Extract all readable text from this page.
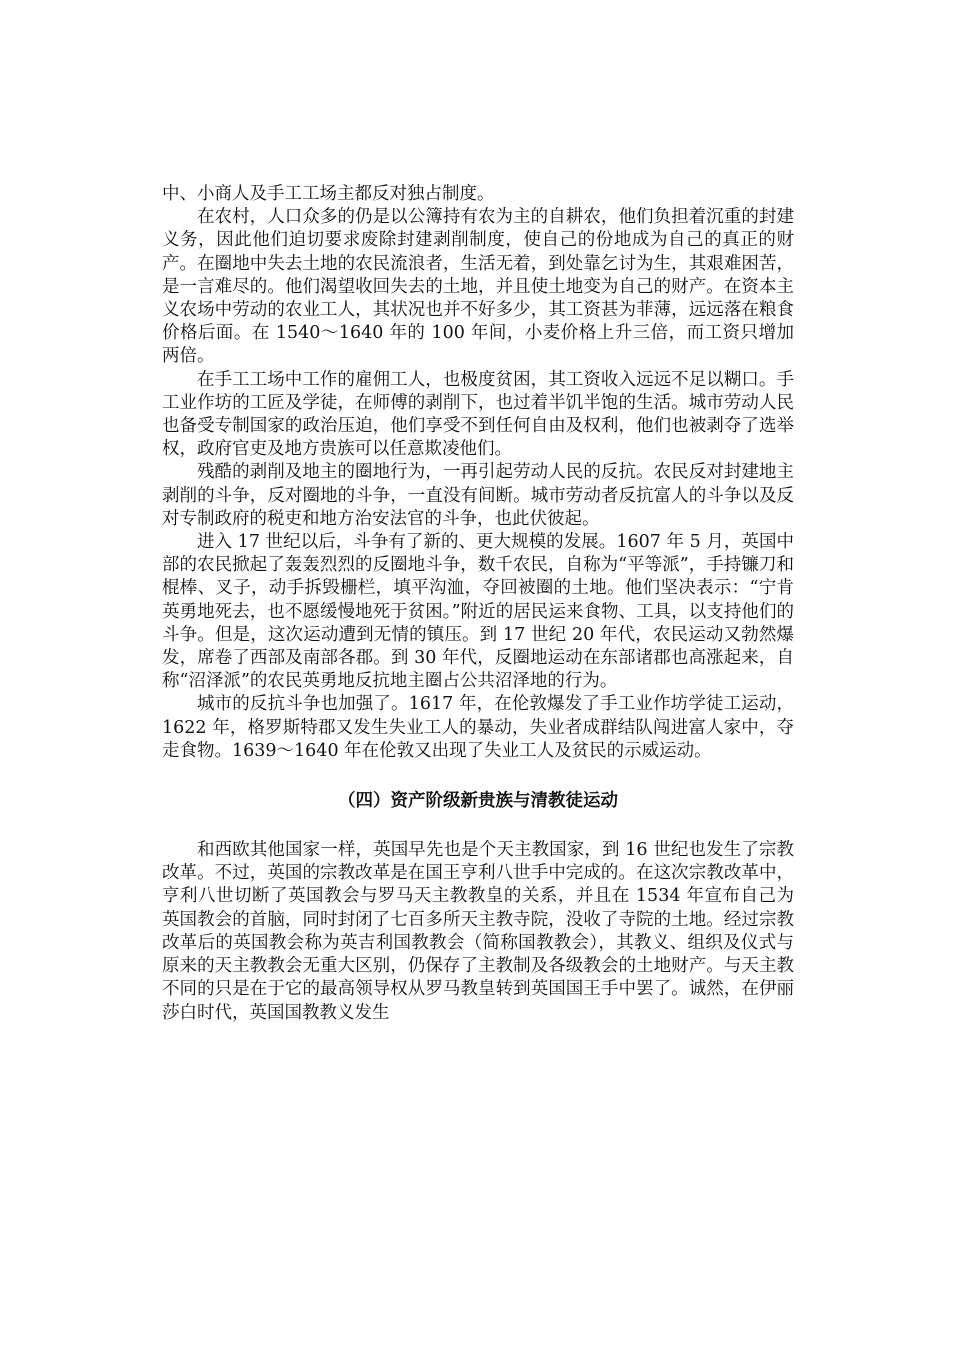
中、小商人及手工工场主都反对独占制度。

在农村，人口众多的仍是以公簿持有农为主的自耕农，他们负担着沉重的封建义务，因此他们迫切要求废除封建剥削制度，使自己的份地成为自己的真正的财产。在圈地中失去土地的农民流浪者，生活无着，到处靠乞讨为生，其艰难困苦，是一言难尽的。他们渴望收回失去的土地，并且使土地变为自己的财产。在资本主义农场中劳动的农业工人，其状况也并不好多少，其工资甚为菲薄，远远落在粮食价格后面。在 1540～1640 年的 100 年间，小麦价格上升三倍，而工资只增加两倍。

在手工工场中工作的雇佣工人，也极度贫困，其工资收入远远不足以糊口。手工业作坊的工匠及学徒，在师傅的剥削下，也过着半饥半饱的生活。城市劳动人民也备受专制国家的政治压迫，他们享受不到任何自由及权利，他们也被剥夺了选举权，政府官吏及地方贵族可以任意欺凌他们。

残酷的剥削及地主的圈地行为，一再引起劳动人民的反抗。农民反对封建地主剥削的斗争，反对圈地的斗争，一直没有间断。城市劳动者反抗富人的斗争以及反对专制政府的税吏和地方治安法官的斗争，也此伏彼起。

进入 17 世纪以后，斗争有了新的、更大规模的发展。1607 年 5 月，英国中部的农民掀起了轰轰烈烈的反圈地斗争，数千农民，自称为“平等派”，手持镰刀和棍棒、叉子，动手拆毁栅栏，填平沟洫，夺回被圈的土地。他们坚决表示：“宁肯英勇地死去，也不愿缓慢地死于贫困。”附近的居民运来食物、工具，以支持他们的斗争。但是，这次运动遭到无情的镇压。到 17 世纪 20 年代，农民运动又勃然爆发，席卷了西部及南部各郡。到 30 年代，反圈地运动在东部诸郡也高涨起来，自称“沼泽派”的农民英勇地反抗地主圈占公共沼泽地的行为。

城市的反抗斗争也加强了。1617 年，在伦敦爆发了手工业作坊学徒工运动，1622 年，格罗斯特郡又发生失业工人的暴动，失业者成群结队闯进富人家中，夺走食物。1639～1640 年在伦敦又出现了失业工人及贫民的示威运动。

（四）资产阶级新贵族与清教徒运动

和西欧其他国家一样，英国早先也是个天主教国家，到 16 世纪也发生了宗教改革。不过，英国的宗教改革是在国王亨利八世手中完成的。在这次宗教改革中，亨利八世切断了英国教会与罗马天主教教皇的关系，并且在 1534 年宣布自己为英国教会的首脑，同时封闭了七百多所天主教寺院，没收了寺院的土地。经过宗教改革后的英国教会称为英吉利国教教会（简称国教教会），其教义、组织及仪式与原来的天主教教会无重大区别，仍保存了主教制及各级教会的土地财产。与天主教不同的只是在于它的最高领导权从罗马教皇转到英国国王手中罢了。诚然，在伊丽莎白时代，英国国教教义发生
